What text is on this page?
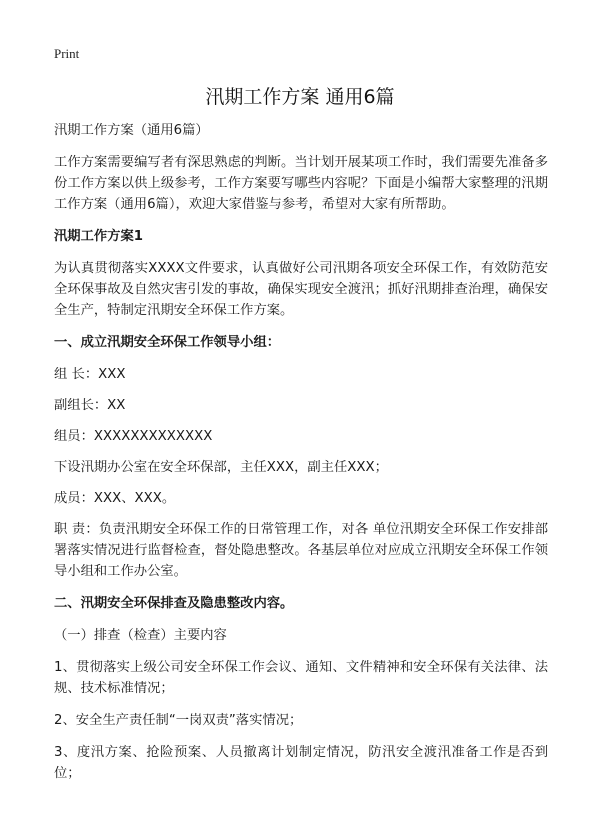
Print
汛期工作方案 通用6篇

汛期工作方案（通用6篇）

工作方案需要编写者有深思熟虑的判断。当计划开展某项工作时，我们需要先准备多份工作方案以供上级参考，工作方案要写哪些内容呢？下面是小编帮大家整理的汛期工作方案（通用6篇），欢迎大家借鉴与参考，希望对大家有所帮助。

汛期工作方案1

为认真贯彻落实XXXX文件要求，认真做好公司汛期各项安全环保工作，有效防范安全环保事故及自然灾害引发的事故，确保实现安全渡汛；抓好汛期排查治理，确保安全生产，特制定汛期安全环保工作方案。

一、成立汛期安全环保工作领导小组：

组 长：XXX

副组长：XX

组员：XXXXXXXXXXXXX

下设汛期办公室在安全环保部，主任XXX，副主任XXX；

成员：XXX、XXX。

职 责：负责汛期安全环保工作的日常管理工作，对各 单位汛期安全环保工作安排部署落实情况进行监督检查，督处隐患整改。各基层单位对应成立汛期安全环保工作领导小组和工作办公室。

二、汛期安全环保排查及隐患整改内容。

（一）排查（检查）主要内容

1、贯彻落实上级公司安全环保工作会议、通知、文件精神和安全环保有关法律、法规、技术标准情况；

2、安全生产责任制“一岗双责”落实情况；

3、度汛方案、抢险预案、人员撤离计划制定情况，防汛安全渡汛准备工作是否到位；
